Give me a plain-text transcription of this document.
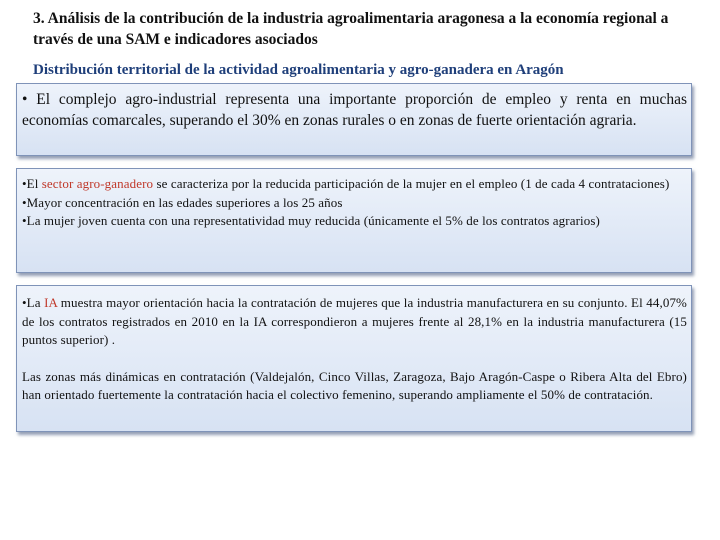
3. Análisis de la contribución de la industria agroalimentaria aragonesa a la economía regional a través de una SAM e indicadores asociados
Distribución territorial de la actividad agroalimentaria y agro-ganadera en Aragón

• El complejo agro-industrial representa una importante proporción de empleo y renta en muchas economías comarcales, superando el 30% en zonas rurales o en zonas de fuerte orientación agraria.

•El sector agro-ganadero se caracteriza por la reducida participación de la mujer en el empleo (1 de cada 4 contrataciones)

•Mayor concentración en las edades superiores a los 25 años

•La mujer joven cuenta con una representatividad muy reducida (únicamente el 5% de los contratos agrarios)

•La IA muestra mayor orientación hacia la contratación de mujeres que la industria manufacturera en su conjunto. El 44,07% de los contratos registrados en 2010 en la IA correspondieron a mujeres frente al 28,1% en la industria manufacturera (15 puntos superior) .

Las zonas más dinámicas en contratación (Valdejalón, Cinco Villas, Zaragoza, Bajo Aragón-Caspe o Ribera Alta del Ebro) han orientado fuertemente la contratación hacia el colectivo femenino, superando ampliamente el 50% de contratación.
